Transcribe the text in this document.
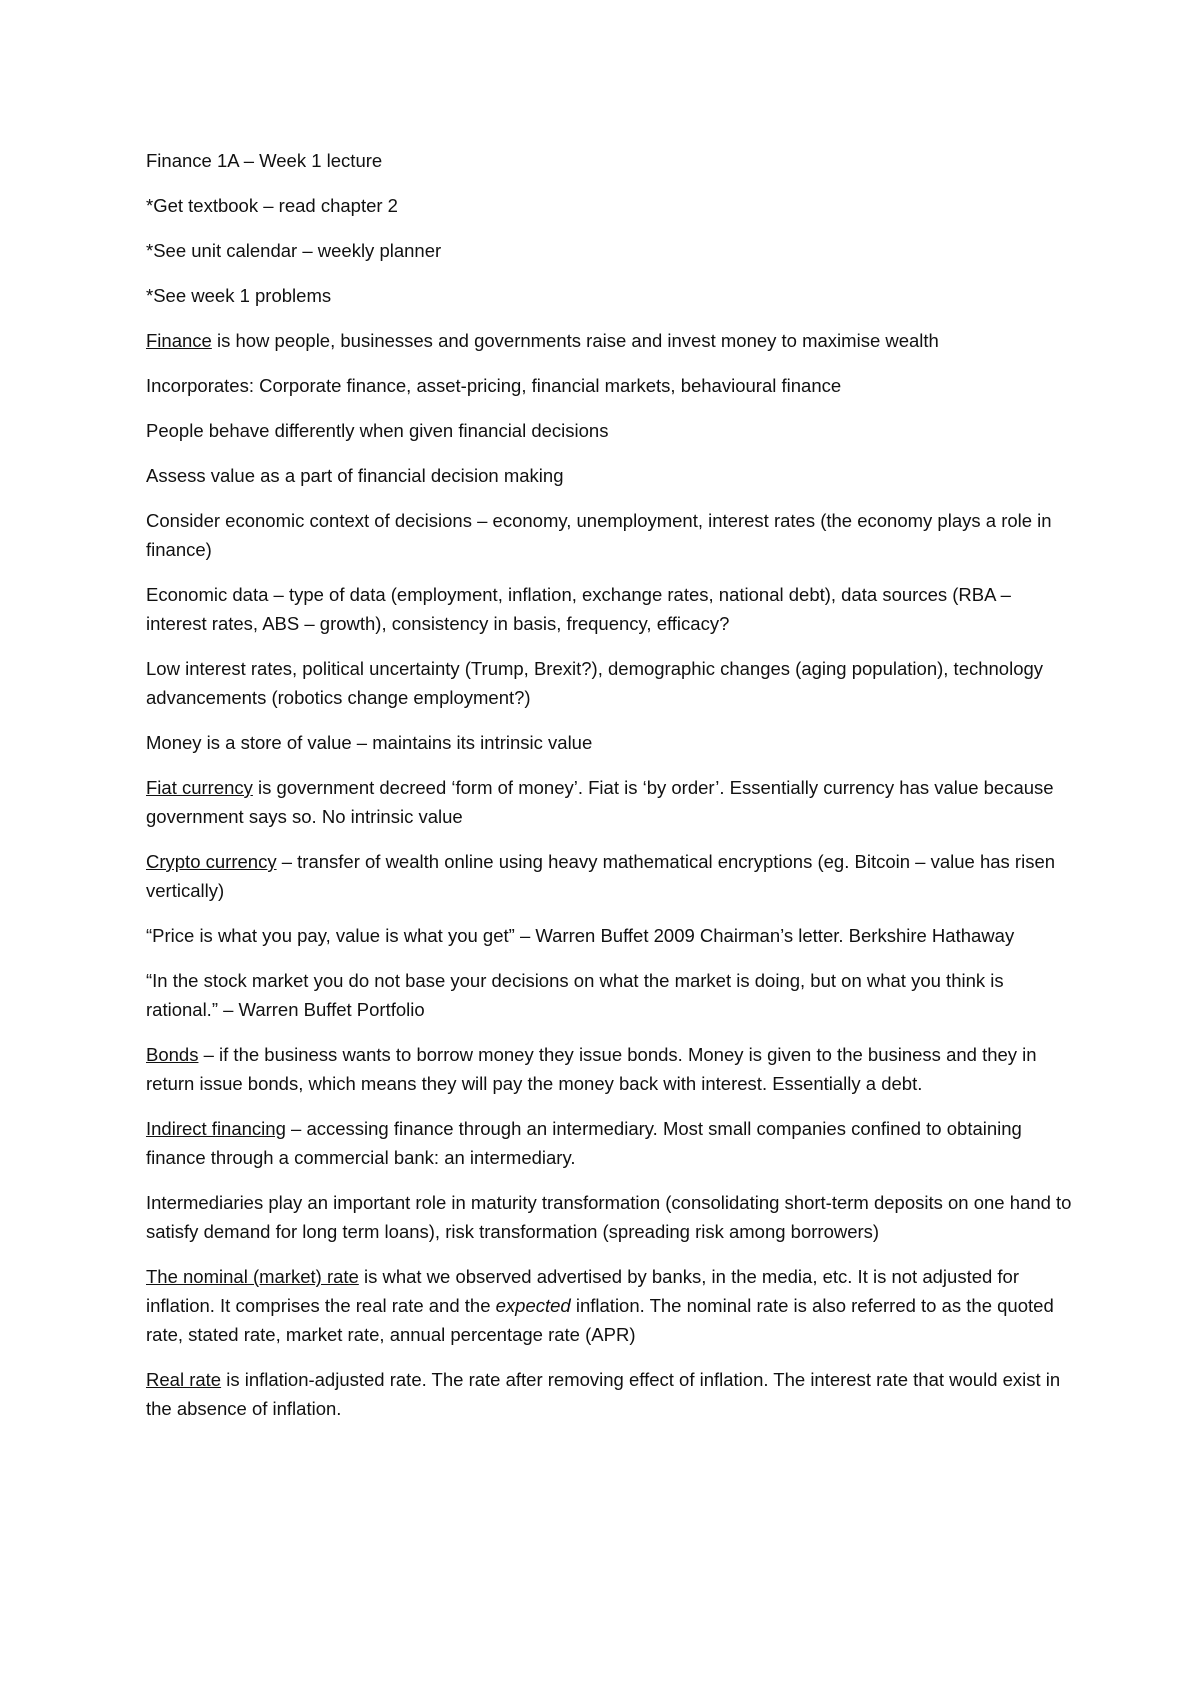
Finance 1A – Week 1 lecture

*Get textbook – read chapter 2

*See unit calendar – weekly planner

*See week 1 problems

Finance is how people, businesses and governments raise and invest money to maximise wealth

Incorporates: Corporate finance, asset-pricing, financial markets, behavioural finance

People behave differently when given financial decisions

Assess value as a part of financial decision making

Consider economic context of decisions – economy, unemployment, interest rates (the economy plays a role in finance)

Economic data – type of data (employment, inflation, exchange rates, national debt), data sources (RBA – interest rates, ABS – growth), consistency in basis, frequency, efficacy?

Low interest rates, political uncertainty (Trump, Brexit?), demographic changes (aging population), technology advancements (robotics change employment?)

Money is a store of value – maintains its intrinsic value

Fiat currency is government decreed ‘form of money’. Fiat is ‘by order’. Essentially currency has value because government says so. No intrinsic value

Crypto currency – transfer of wealth online using heavy mathematical encryptions (eg. Bitcoin – value has risen vertically)

“Price is what you pay, value is what you get” – Warren Buffet 2009 Chairman’s letter. Berkshire Hathaway

“In the stock market you do not base your decisions on what the market is doing, but on what you think is rational.” – Warren Buffet Portfolio

Bonds – if the business wants to borrow money they issue bonds. Money is given to the business and they in return issue bonds, which means they will pay the money back with interest. Essentially a debt.

Indirect financing – accessing finance through an intermediary. Most small companies confined to obtaining finance through a commercial bank: an intermediary.

Intermediaries play an important role in maturity transformation (consolidating short-term deposits on one hand to satisfy demand for long term loans), risk transformation (spreading risk among borrowers)

The nominal (market) rate is what we observed advertised by banks, in the media, etc. It is not adjusted for inflation. It comprises the real rate and the expected inflation. The nominal rate is also referred to as the quoted rate, stated rate, market rate, annual percentage rate (APR)

Real rate is inflation-adjusted rate. The rate after removing effect of inflation. The interest rate that would exist in the absence of inflation.
